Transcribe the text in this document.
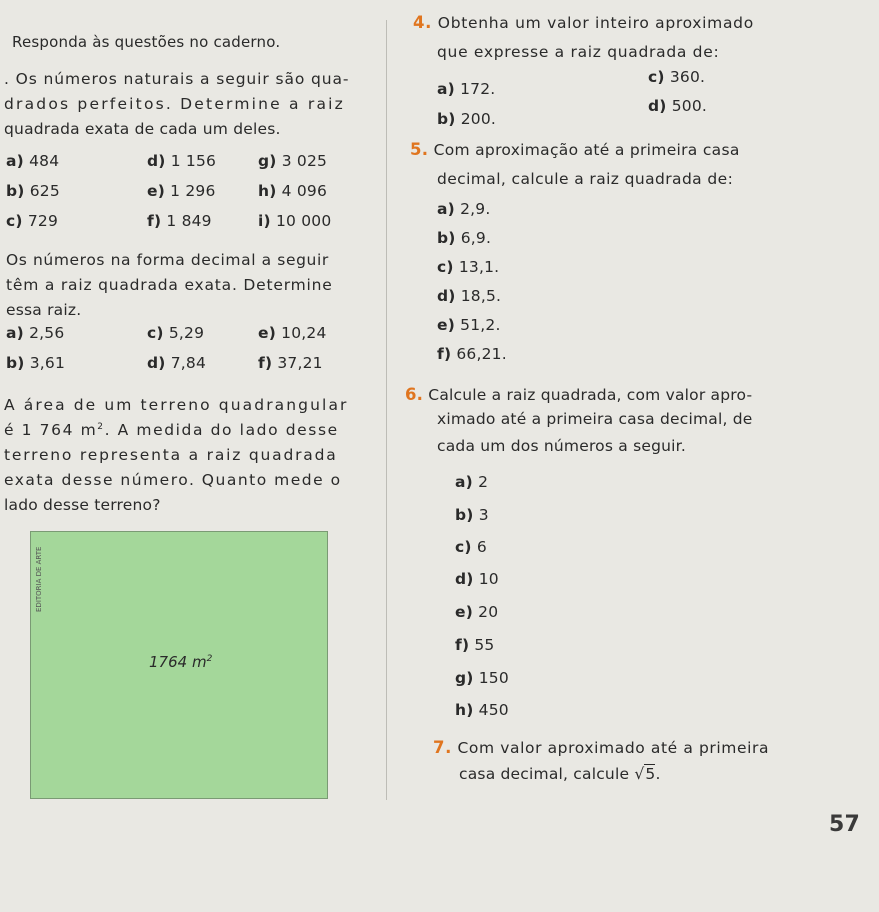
Responda às questões no caderno.
. Os números naturais a seguir são qua-
drados perfeitos. Determine a raiz
quadrada exata de cada um deles.
a) 484
b) 625
c) 729
d) 1 156
e) 1 296
f) 1 849
g) 3 025
h) 4 096
i) 10 000
Os números na forma decimal a seguir
têm a raiz quadrada exata. Determine
essa raiz.
a) 2,56
b) 3,61
c) 5,29
d) 7,84
e) 10,24
f) 37,21
A área de um terreno quadrangular
é 1 764 $m^2$. A medida do lado desse
terreno representa a raiz quadrada
exata desse número. Quanto mede o
lado desse terreno?
1764 $m^2$
EDITORIA DE ARTE
4. Obtenha um valor inteiro aproximado
que expresse a raiz quadrada de:
a) 172.
b) 200.
c) 360.
d) 500.
5. Com aproximação até a primeira casa
decimal, calcule a raiz quadrada de:
a) 2,9.
b) 6,9.
c) 13,1.
d) 18,5.
e) 51,2.
f) 66,21.
6. Calcule a raiz quadrada, com valor apro-
ximado até a primeira casa decimal, de
cada um dos números a seguir.
a) 2
b) 3
c) 6
d) 10
e) 20
f) 55
g) 150
h) 450
7. Com valor aproximado até a primeira
casa decimal, calcule √5.
57
